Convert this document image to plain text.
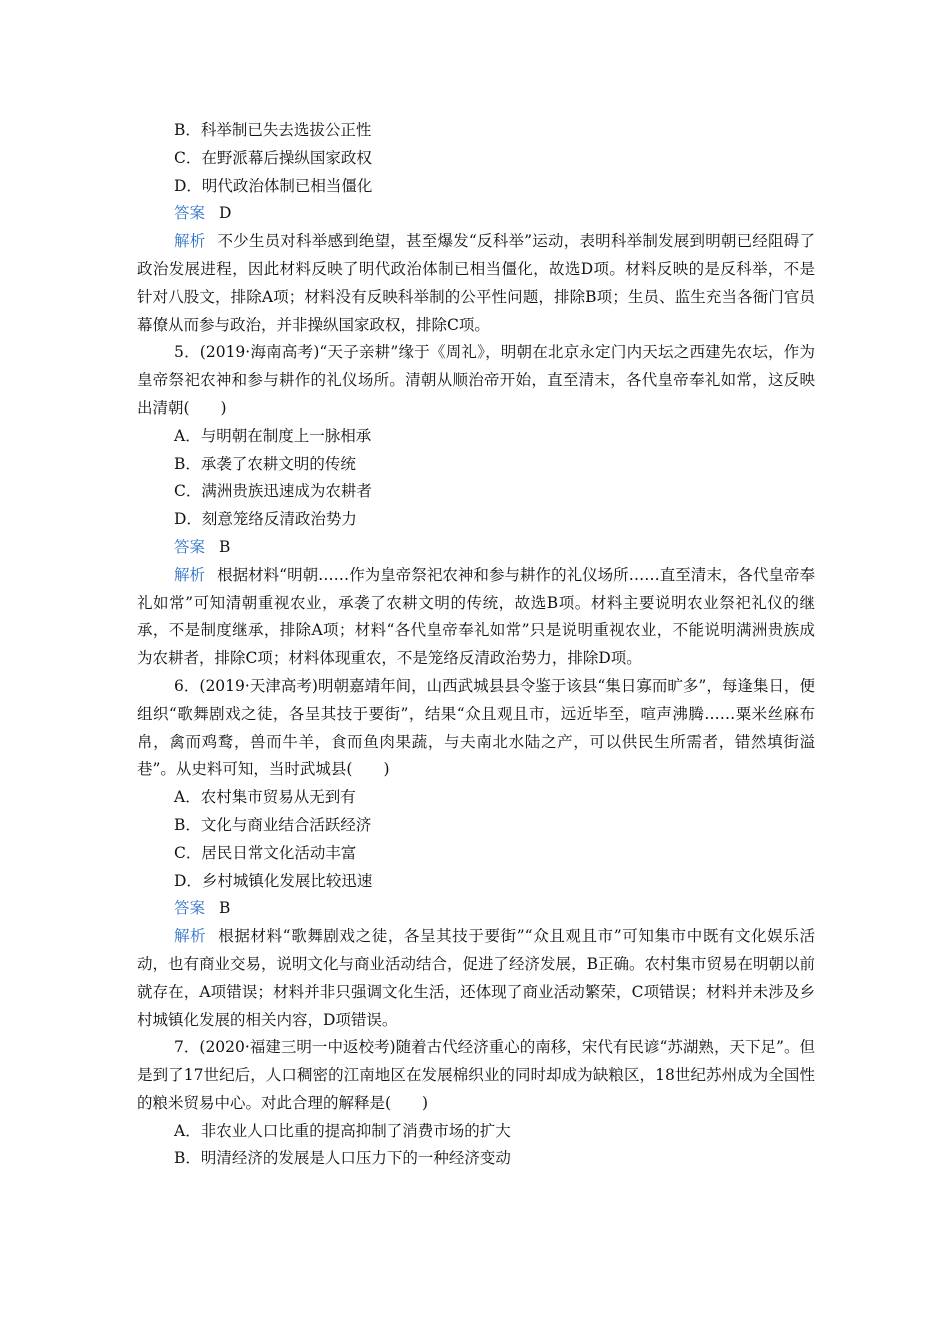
B．科举制已失去选拔公正性
C．在野派幕后操纵国家政权
D．明代政治体制已相当僵化
答案 D
解析 不少生员对科举感到绝望，甚至爆发“反科举”运动，表明科举制发展到明朝已经阻碍了政治发展进程，因此材料反映了明代政治体制已相当僵化，故选D项。材料反映的是反科举，不是针对八股文，排除A项；材料没有反映科举制的公平性问题，排除B项；生员、监生充当各衙门官员幕僚从而参与政治，并非操纵国家政权，排除C项。
5．(2019·海南高考)“天子亲耕”缘于《周礼》，明朝在北京永定门内天坛之西建先农坛，作为皇帝祭祀农神和参与耕作的礼仪场所。清朝从顺治帝开始，直至清末，各代皇帝奉礼如常，这反映出清朝(　　)
A．与明朝在制度上一脉相承
B．承袭了农耕文明的传统
C．满洲贵族迅速成为农耕者
D．刻意笼络反清政治势力
答案 B
解析 根据材料“明朝……作为皇帝祭祀农神和参与耕作的礼仪场所……直至清末，各代皇帝奉礼如常”可知清朝重视农业，承袭了农耕文明的传统，故选B项。材料主要说明农业祭祀礼仪的继承，不是制度继承，排除A项；材料“各代皇帝奉礼如常”只是说明重视农业，不能说明满洲贵族成为农耕者，排除C项；材料体现重农，不是笼络反清政治势力，排除D项。
6．(2019·天津高考)明朝嘉靖年间，山西武城县县令鉴于该县“集日寡而旷多”，每逢集日，便组织“歌舞剧戏之徒，各呈其技于要街”，结果“众且观且市，远近毕至，喧声沸腾……粟米丝麻布帛，禽而鸡鹜，兽而牛羊，食而鱼肉果蔬，与夫南北水陆之产，可以供民生所需者，错然填街溢巷”。从史料可知，当时武城县(　　)
A．农村集市贸易从无到有
B．文化与商业结合活跃经济
C．居民日常文化活动丰富
D．乡村城镇化发展比较迅速
答案 B
解析 根据材料“歌舞剧戏之徒，各呈其技于要街”“众且观且市”可知集市中既有文化娱乐活动，也有商业交易，说明文化与商业活动结合，促进了经济发展，B正确。农村集市贸易在明朝以前就存在，A项错误；材料并非只强调文化生活，还体现了商业活动繁荣，C项错误；材料并未涉及乡村城镇化发展的相关内容，D项错误。
7．(2020·福建三明一中返校考)随着古代经济重心的南移，宋代有民谚“苏湖熟，天下足”。但是到了17世纪后，人口稠密的江南地区在发展棉织业的同时却成为缺粮区，18世纪苏州成为全国性的粮米贸易中心。对此合理的解释是(　　)
A．非农业人口比重的提高抑制了消费市场的扩大
B．明清经济的发展是人口压力下的一种经济变动
